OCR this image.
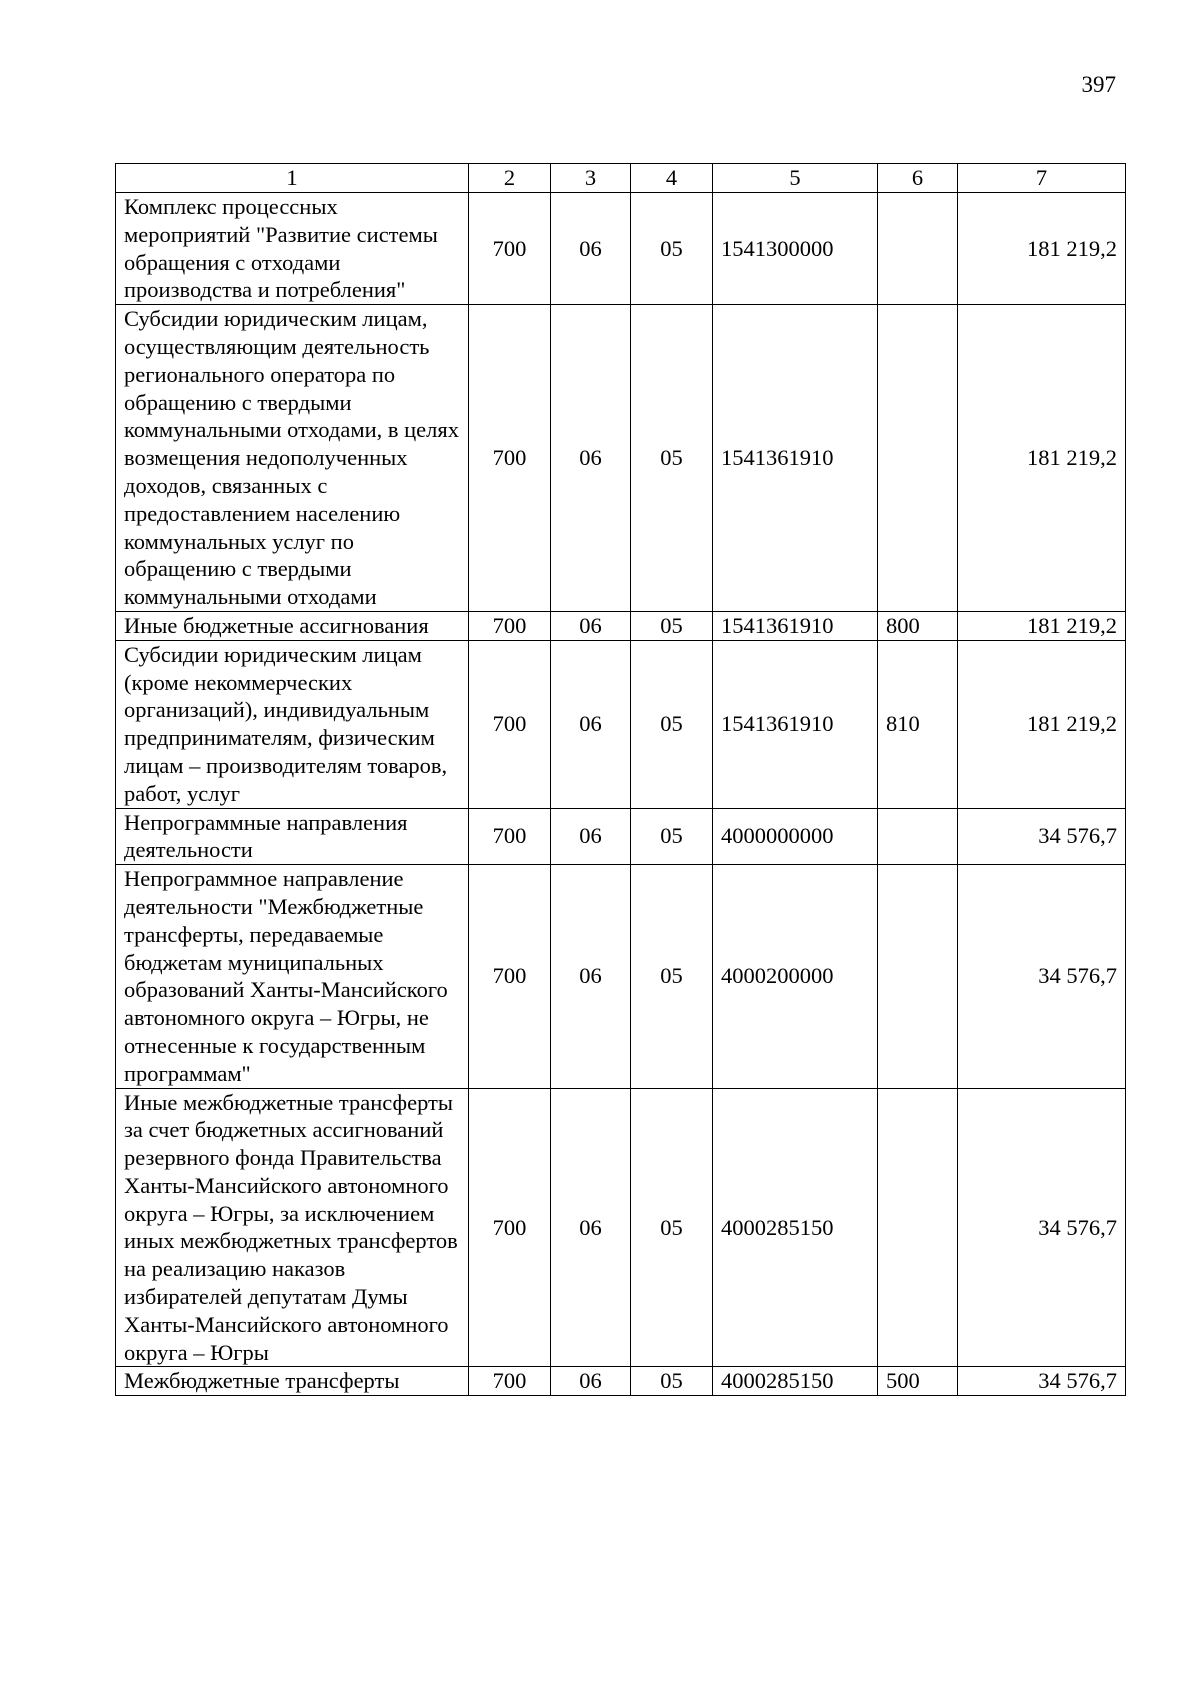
397
1	2	3	4	5	6	7
Комплекс процессных мероприятий "Развитие системы обращения с отходами производства и потребления"	700	06	05	1541300000		181 219,2
Субсидии юридическим лицам, осуществляющим деятельность регионального оператора по обращению с твердыми коммунальными отходами, в целях возмещения недополученных доходов, связанных с предоставлением населению коммунальных услуг по обращению с твердыми коммунальными отходами	700	06	05	1541361910		181 219,2
Иные бюджетные ассигнования	700	06	05	1541361910	800	181 219,2
Субсидии юридическим лицам (кроме некоммерческих организаций), индивидуальным предпринимателям, физическим лицам – производителям товаров, работ, услуг	700	06	05	1541361910	810	181 219,2
Непрограммные направления деятельности	700	06	05	4000000000		34 576,7
Непрограммное направление деятельности "Межбюджетные трансферты, передаваемые бюджетам муниципальных образований Ханты-Мансийского автономного округа – Югры, не отнесенные к государственным программам"	700	06	05	4000200000		34 576,7
Иные межбюджетные трансферты за счет бюджетных ассигнований резервного фонда Правительства Ханты-Мансийского автономного округа – Югры, за исключением иных межбюджетных трансфертов на реализацию наказов избирателей депутатам Думы Ханты-Мансийского автономного округа – Югры	700	06	05	4000285150		34 576,7
Межбюджетные трансферты	700	06	05	4000285150	500	34 576,7
